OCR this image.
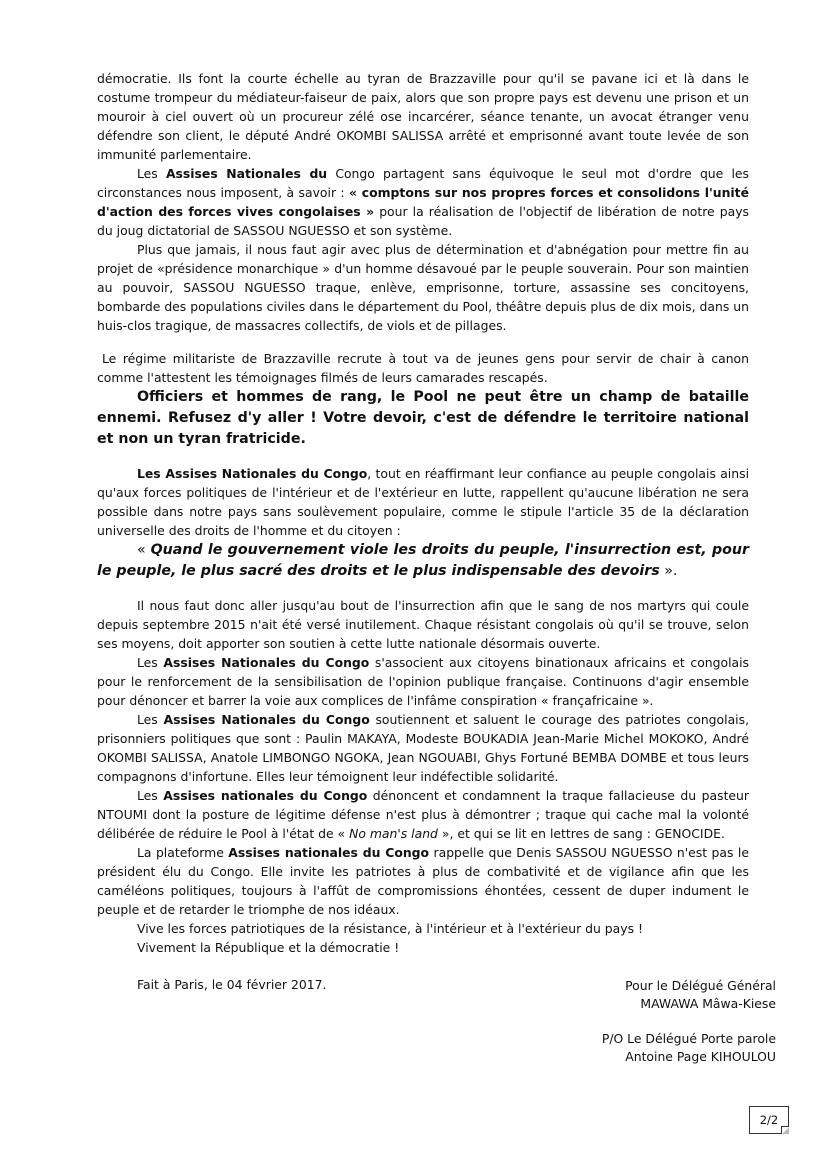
démocratie. Ils font la courte échelle au tyran de Brazzaville pour qu'il se pavane ici et là dans le costume trompeur du médiateur-faiseur de paix, alors que son propre pays est devenu une prison et un mouroir à ciel ouvert où un procureur zélé ose incarcérer, séance tenante, un avocat étranger venu défendre son client, le député André OKOMBI SALISSA arrêté et emprisonné avant toute levée de son immunité parlementaire.

Les Assises Nationales du Congo partagent sans équivoque le seul mot d'ordre que les circonstances nous imposent, à savoir : « comptons sur nos propres forces et consolidons l'unité d'action des forces vives congolaises » pour la réalisation de l'objectif de libération de notre pays du joug dictatorial de SASSOU NGUESSO et son système.

Plus que jamais, il nous faut agir avec plus de détermination et d'abnégation pour mettre fin au projet de «présidence monarchique » d'un homme désavoué par le peuple souverain. Pour son maintien au pouvoir, SASSOU NGUESSO traque, enlève, emprisonne, torture, assassine ses concitoyens, bombarde des populations civiles dans le département du Pool, théâtre depuis plus de dix mois, dans un huis-clos tragique, de massacres collectifs, de viols et de pillages.

Le régime militariste de Brazzaville recrute à tout va de jeunes gens pour servir de chair à canon comme l'attestent les témoignages filmés de leurs camarades rescapés.

Officiers et hommes de rang, le Pool ne peut être un champ de bataille ennemi. Refusez d'y aller ! Votre devoir, c'est de défendre le territoire national et non un tyran fratricide.

Les Assises Nationales du Congo, tout en réaffirmant leur confiance au peuple congolais ainsi qu'aux forces politiques de l'intérieur et de l'extérieur en lutte, rappellent qu'aucune libération ne sera possible dans notre pays sans soulèvement populaire, comme le stipule l'article 35 de la déclaration universelle des droits de l'homme et du citoyen :

« Quand le gouvernement viole les droits du peuple, l'insurrection est, pour le peuple, le plus sacré des droits et le plus indispensable des devoirs ».

Il nous faut donc aller jusqu'au bout de l'insurrection afin que le sang de nos martyrs qui coule depuis septembre 2015 n'ait été versé inutilement. Chaque résistant congolais où qu'il se trouve, selon ses moyens, doit apporter son soutien à cette lutte nationale désormais ouverte.

Les Assises Nationales du Congo s'associent aux citoyens binationaux africains et congolais pour le renforcement de la sensibilisation de l'opinion publique française. Continuons d'agir ensemble pour dénoncer et barrer la voie aux complices de l'infâme conspiration « françafricaine ».

Les Assises Nationales du Congo soutiennent et saluent le courage des patriotes congolais, prisonniers politiques que sont : Paulin MAKAYA, Modeste BOUKADIA Jean-Marie Michel MOKOKO, André OKOMBI SALISSA, Anatole LIMBONGO NGOKA, Jean NGOUABI, Ghys Fortuné BEMBA DOMBE et tous leurs compagnons d'infortune. Elles leur témoignent leur indéfectible solidarité.

Les Assises nationales du Congo dénoncent et condamnent la traque fallacieuse du pasteur NTOUMI dont la posture de légitime défense n'est plus à démontrer ; traque qui cache mal la volonté délibérée de réduire le Pool à l'état de « No man's land », et qui se lit en lettres de sang : GENOCIDE.

La plateforme Assises nationales du Congo rappelle que Denis SASSOU NGUESSO n'est pas le président élu du Congo. Elle invite les patriotes à plus de combativité et de vigilance afin que les caméléons politiques, toujours à l'affût de compromissions éhontées, cessent de duper indument le peuple et de retarder le triomphe de nos idéaux.

Vive les forces patriotiques de la résistance, à l'intérieur et à l'extérieur du pays !

Vivement la République et la démocratie !

Fait à Paris, le 04 février 2017.	Pour le Délégué Général

MAWAWA Mâwa-Kiese

P/O Le Délégué Porte parole

Antoine Page KIHOULOU

2/2
